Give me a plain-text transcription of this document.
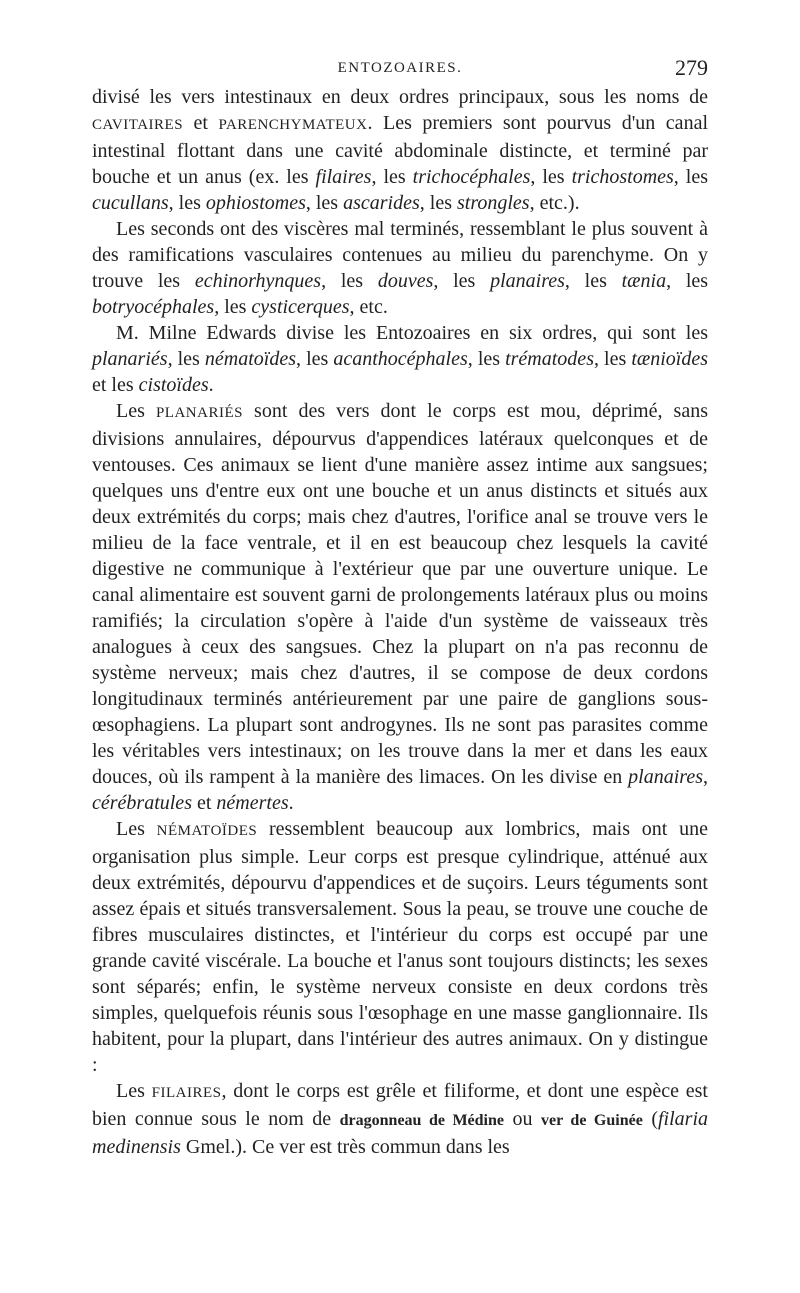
ENTOZOAIRES.	279

divisé les vers intestinaux en deux ordres principaux, sous les noms de CAVITAIRES et PARENCHYMATEUX. Les premiers sont pourvus d'un canal intestinal flottant dans une cavité abdominale distincte, et terminé par bouche et un anus (ex. les filaires, les trichocéphales, les trichostomes, les cucullans, les ophiostomes, les ascarides, les strongles, etc.).

Les seconds ont des viscères mal terminés, ressemblant le plus souvent à des ramifications vasculaires contenues au milieu du parenchyme. On y trouve les echinorhynques, les douves, les planaires, les tænia, les botryocéphales, les cysticerques, etc.

M. Milne Edwards divise les Entozoaires en six ordres, qui sont les planariés, les nématoïdes, les acanthocéphales, les trématodes, les tænioïdes et les cistoïdes.

Les PLANARIÉS sont des vers dont le corps est mou, déprimé, sans divisions annulaires, dépourvus d'appendices latéraux quelconques et de ventouses. Ces animaux se lient d'une manière assez intime aux sangsues; quelques uns d'entre eux ont une bouche et un anus distincts et situés aux deux extrémités du corps; mais chez d'autres, l'orifice anal se trouve vers le milieu de la face ventrale, et il en est beaucoup chez lesquels la cavité digestive ne communique à l'extérieur que par une ouverture unique. Le canal alimentaire est souvent garni de prolongements latéraux plus ou moins ramifiés; la circulation s'opère à l'aide d'un système de vaisseaux très analogues à ceux des sangsues. Chez la plupart on n'a pas reconnu de système nerveux; mais chez d'autres, il se compose de deux cordons longitudinaux terminés antérieurement par une paire de ganglions sous-œsophagiens. La plupart sont androgynes. Ils ne sont pas parasites comme les véritables vers intestinaux; on les trouve dans la mer et dans les eaux douces, où ils rampent à la manière des limaces. On les divise en planaires, cérébratules et némertes.

Les NÉMATOÏDES ressemblent beaucoup aux lombrics, mais ont une organisation plus simple. Leur corps est presque cylindrique, atténué aux deux extrémités, dépourvu d'appendices et de suçoirs. Leurs téguments sont assez épais et situés transversalement. Sous la peau, se trouve une couche de fibres musculaires distinctes, et l'intérieur du corps est occupé par une grande cavité viscérale. La bouche et l'anus sont toujours distincts; les sexes sont séparés; enfin, le système nerveux consiste en deux cordons très simples, quelquefois réunis sous l'œsophage en une masse ganglionnaire. Ils habitent, pour la plupart, dans l'intérieur des autres animaux. On y distingue :

Les FILAIRES, dont le corps est grêle et filiforme, et dont une espèce est bien connue sous le nom de dragonneau de Médine ou ver de Guinée (filaria medinensis Gmel.). Ce ver est très commun dans les
